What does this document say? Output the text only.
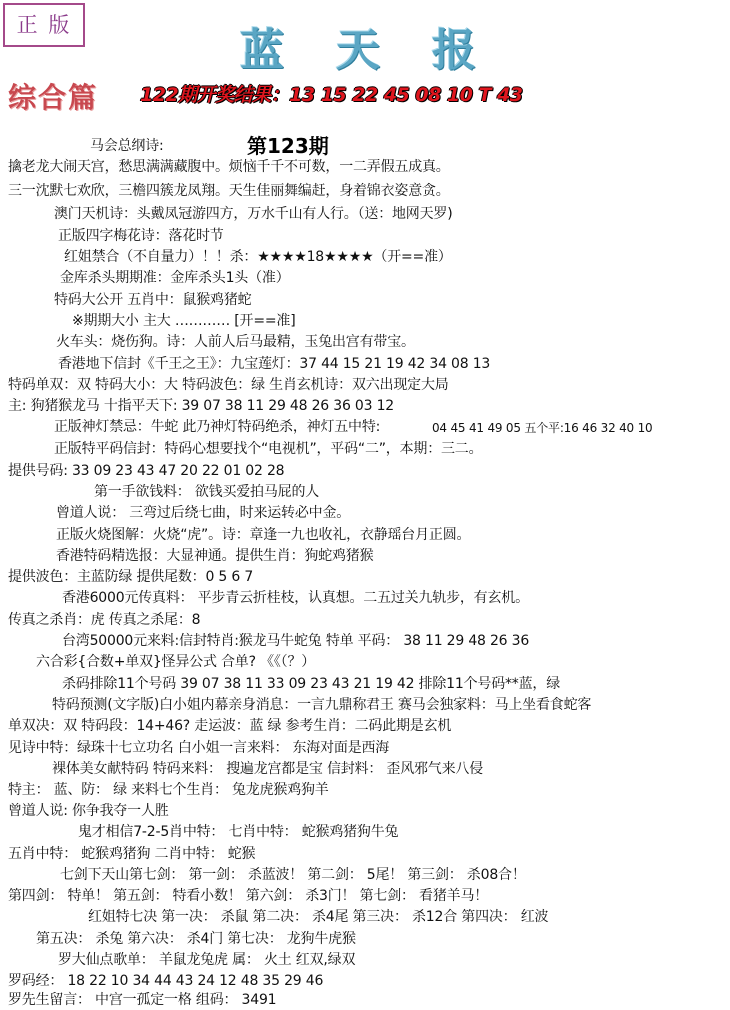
正 版	蓝 天 报
综合篇 122期开奖结果：13 15 22 45 08 10 T 43
第123期
马会总纲诗:
擒老龙大闹天宫，愁思满满藏腹中。烦恼千千不可数，一二弄假五成真。
三一沈默七欢欣，三檐四簇龙凤翔。天生佳丽舞编赶，身着锦衣姿意贪。
澳门天机诗：头戴凤冠游四方，万水千山有人行。（送：地网天罗)
正版四字梅花诗：落花时节
红姐禁合（不自量力）！！杀：★★★★18★★★★（开==准）
金库杀头期期准：金库杀头1头（准）
特码大公开 五肖中：鼠猴鸡猪蛇
※期期大小 主大 ………… [开==准]
火车头：烧伤狗。诗：人前人后马最精，玉兔出宫有带宝。
香港地下信封《千王之王》：九宝莲灯：37 44 15 21 19 42 34 08 13
特码单双：双 特码大小：大 特码波色：绿 生肖玄机诗：双六出现定大局
主: 狗猪猴龙马 十指平天下: 39 07 38 11 29 48 26 36 03 12
正版神灯禁忌：牛蛇 此乃神灯特码绝杀，神灯五中特:	04 45 41 49 05 五个平:16 46 32 40 10
正版特平码信封：特码心想要找个“电视机”，平码“二”，本期：三二。
提供号码: 33 09 23 43 47 20 22 01 02 28
第一手欲钱料： 欲钱买爱拍马屁的人
曾道人说： 三弯过后绕七曲，时来运转必中金。
正版火烧图解：火烧“虎”。诗：章逢一九也收礼，衣静瑶台月正圆。
香港特码精选报：大显神通。提供生肖：狗蛇鸡猪猴
提供波色：主蓝防绿 提供尾数：0 5 6 7
香港6000元传真料： 平步青云折桂枝，认真想。二五过关九轨步，有玄机。
传真之杀肖：虎 传真之杀尾：8
台湾50000元来料:信封特肖:猴龙马牛蛇兔 特单 平码： 38 11 29 48 26 36
六合彩{合数+单双}怪异公式 合单? 《《（？）
杀码排除11个号码 39 07 38 11 33 09 23 43 21 19 42 排除11个号码**蓝，绿
特码预测(文字版)白小姐内幕亲身消息：一言九鼎称君王 赛马会独家料：马上坐看食蛇客
单双决：双 特码段：14+46? 走运波：蓝 绿 参考生肖：二码此期是玄机
见诗中特：绿珠十七立功名 白小姐一言来料： 东海对面是西海
裸体美女献特码 特码来料： 搜遍龙宫都是宝 信封料： 歪风邪气来八侵
特主： 蓝、防： 绿 来料七个生肖： 兔龙虎猴鸡狗羊
曾道人说: 你争我夺一人胜
鬼才相信7-2-5肖中特： 七肖中特： 蛇猴鸡猪狗牛兔
五肖中特： 蛇猴鸡猪狗 二肖中特： 蛇猴
七剑下天山第七剑： 第一剑： 杀蓝波！ 第二剑： 5尾！ 第三剑： 杀08合！
第四剑： 特单！ 第五剑： 特看小数！ 第六剑： 杀3门！ 第七剑： 看猪羊马！
红姐特七决 第一决： 杀鼠 第二决： 杀4尾 第三决： 杀12合 第四决： 红波
第五决： 杀兔 第六决： 杀4门 第七决： 龙狗牛虎猴
罗大仙点歌单： 羊鼠龙兔虎 属： 火土 红双,绿双
罗码经： 18 22 10 34 44 43 24 12 48 35 29 46
罗先生留言： 中宫一孤定一格 组码： 3491
